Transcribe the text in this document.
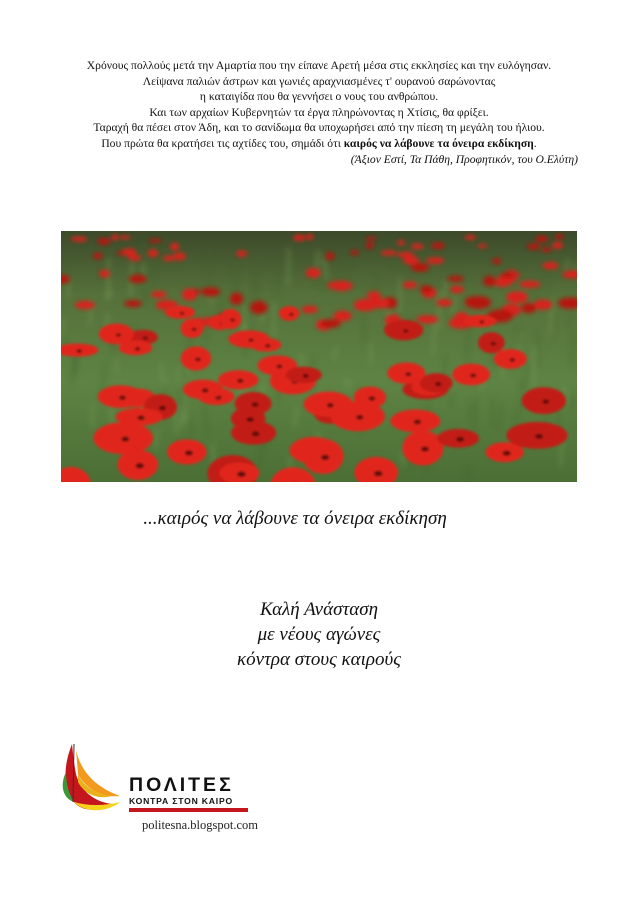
Χρόνους πολλούς μετά την Αμαρτία που την είπανε Αρετή μέσα στις εκκλησίες και την ευλόγησαν.
Λείψανα παλιών άστρων και γωνιές αραχνιασμένες τ' ουρανού σαρώνοντας
η καταιγίδα που θα γεννήσει ο νους του ανθρώπου.
Και των αρχαίων Κυβερνητών τα έργα πληρώνοντας η Χτίσις, θα φρίξει.
Ταραχή θα πέσει στον Άδη, και το σανίδωμα θα υποχωρήσει από την πίεση τη μεγάλη του ήλιου.
Που πρώτα θα κρατήσει τις αχτίδες του, σημάδι ότι καιρός να λάβουνε τα όνειρα εκδίκηση.
(Άξιον Εστί, Τα Πάθη, Προφητικόν, του Ο.Ελύτη)
...καιρός να λάβουνε τα όνειρα εκδίκηση
Καλή Ανάσταση
με νέους αγώνες
κόντρα στους καιρούς
ΠΟΛΙΤΕΣ
ΚΟΝΤΡΑ ΣΤΟΝ ΚΑΙΡΟ
politesna.blogspot.com
